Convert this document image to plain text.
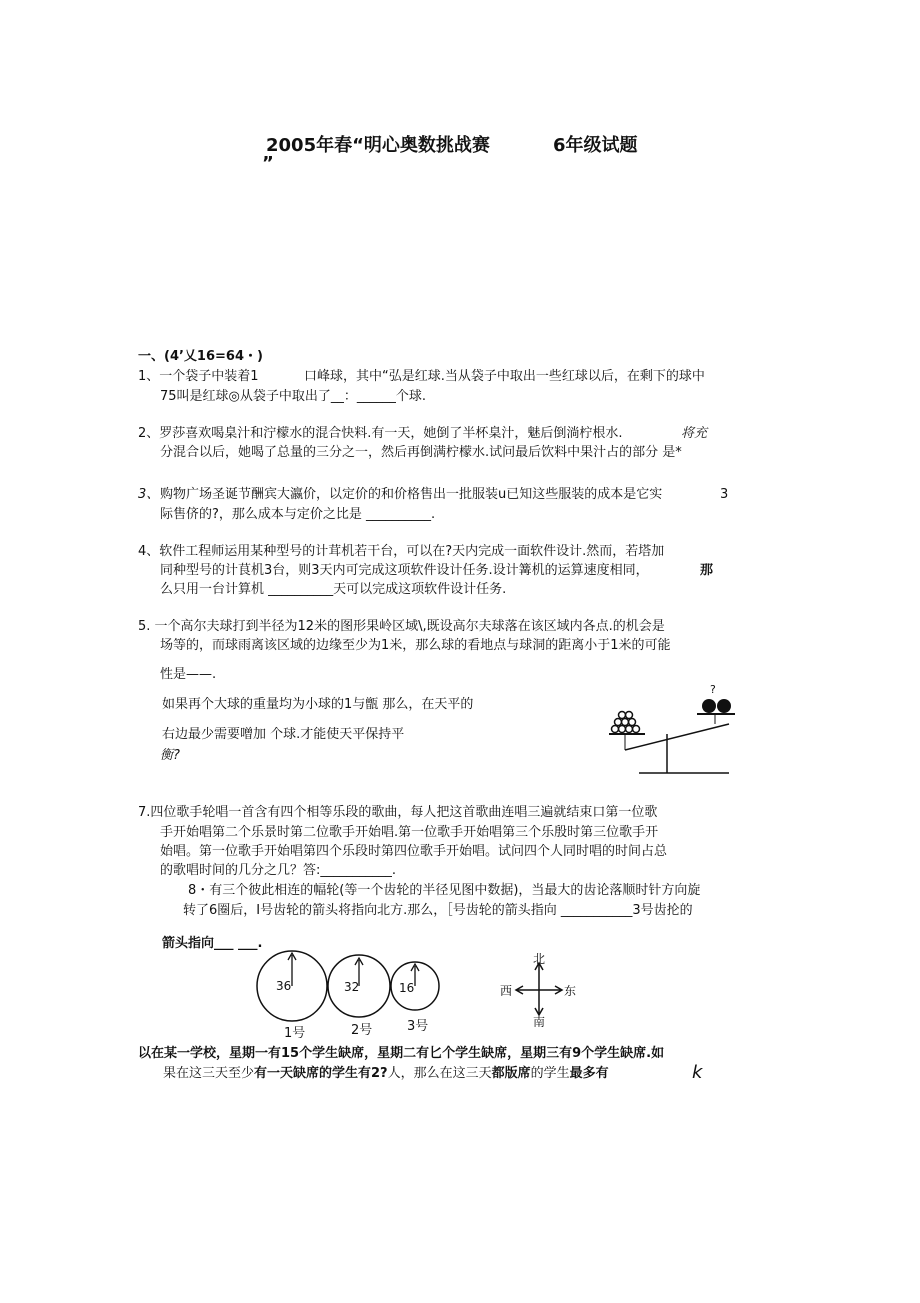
2005年春“明心奥数挑战赛	6年级试题
”
一、(4’乂16=64・)
1、一个袋子中装着1	口峰球，其中“弘是红球.当从袋子中取出一些红球以后，在剩下的球中
75叫是红球◎从袋子中取出了__：______个球.
2、罗莎喜欢喝臬汁和泞檬水的混合快料.有一天，她倒了半杯臬汁，魅后倒淌柠根水.	将充
分混合以后，她喝了总量的三分之一，然后再倒满柠檬水.试问最后饮料中果汁占的部分 是*
3、 购物广场圣诞节酬宾大瀛价，以定价的和价格售出一批服装u已知这些服装的成本是它实	3
际售侪的?，那么成本与定价之比是 __________.
4、软件工程师运用某种型号的计茸机若干台，可以在?天内完成一面软件设计.然而，若塔加
同种型号的计茛机3台，则3天内可完成这项软件设计任务.设计篝机的运算速度相同，	那
么只用一台计算机 __________天可以完成这项软件设计任务.
5. 一个高尔夫球打到半径为12米的图形果岭区域\,既设高尔夫球落在该区域内各点.的机会是
场等的，而球雨离该区域的边缘至少为1米，那么球的看地点与球洞的距离小于1米的可能
性是——.
如果再个大球的重量均为小球的1与甑 那么，在天平的
右边最少需要噌加 个球.才能使天平保持平
衡?
?
7.四位歌手轮唱一首含有四个相等乐段的歌曲，每人把这首歌曲连唱三遍就结束口第一位歌
手开始唱第二个乐景时第二位歌手开始唱.第一位歌手开始唱第三个乐殷时第三位歌手开
始唱。第一位歌手开始唱第四个乐段时第四位歌手开始唱。试问四个人同时唱的时间占总
的歌唱时间的几分之几？答:___________.
8・有三个彼此相连的幅轮(等一个齿轮的半径见图中数据)，当最大的齿论落顺时针方向旋
转了6圈后，I号齿轮的箭头将指向北方.那么，［号齿轮的箭头指向 ___________3号齿抡的
箭头指向___ ___.
36	32	16
1号	2号	3号
北
南
西	东
以在某一学校，星期一有15个学生缺席，星期二有匕个学生缺席，星期三有9个学生缺席.如
果在这三天至少有一天缺席的学生有2?人，那么在这三天都版席的学生最多有	k
